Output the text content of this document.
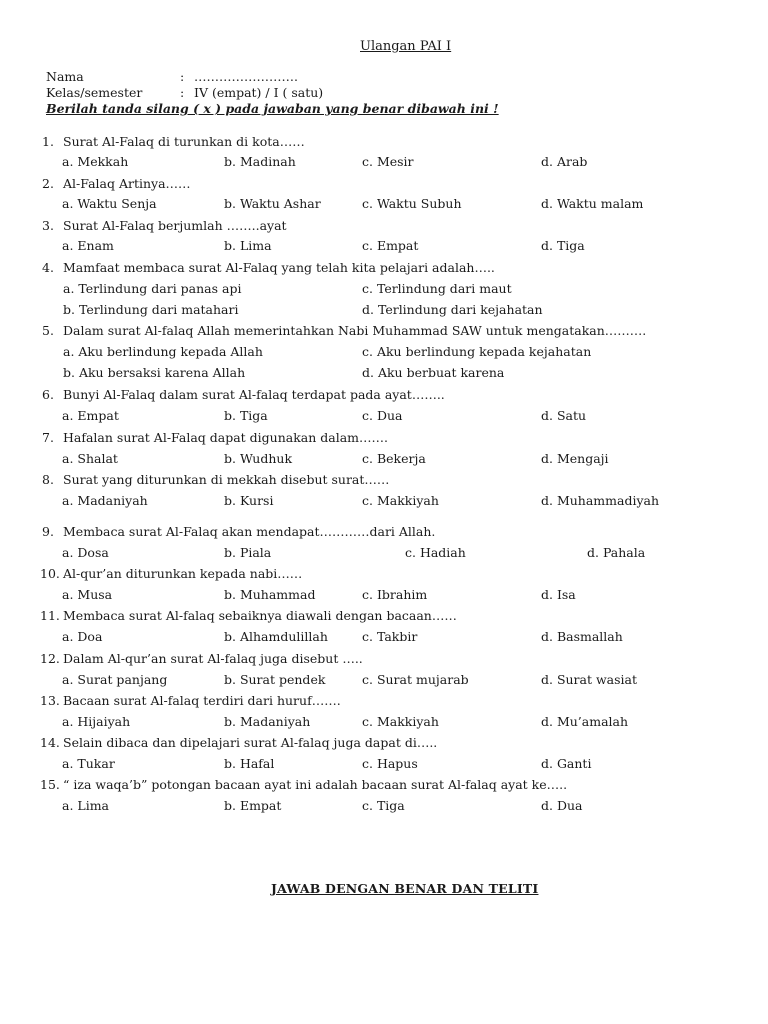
Ulangan PAI I
Nama	: …………………….
Kelas/semester	: IV (empat) / I ( satu)
Berilah tanda silang ( x ) pada jawaban yang benar dibawah ini !
1. Surat Al-Falaq di turunkan di kota……
a. Mekkah	b. Madinah	c. Mesir	d. Arab
2. Al-Falaq Artinya……
a. Waktu Senja	b. Waktu Ashar	c. Waktu Subuh	d. Waktu malam
3. Surat Al-Falaq berjumlah ……..ayat
a. Enam	b. Lima	c. Empat	d. Tiga
4. Mamfaat membaca surat Al-Falaq yang telah kita pelajari adalah…..
a. Terlindung dari panas api	c. Terlindung dari maut
b. Terlindung dari matahari	d. Terlindung dari kejahatan
5. Dalam surat Al-falaq Allah memerintahkan Nabi Muhammad SAW untuk mengatakan……….
a. Aku berlindung kepada Allah	c. Aku berlindung kepada kejahatan
b. Aku bersaksi karena Allah	d. Aku berbuat karena
6. Bunyi Al-Falaq dalam surat Al-falaq terdapat pada ayat……..
a. Empat	b. Tiga	c. Dua	d. Satu
7. Hafalan surat Al-Falaq dapat digunakan dalam…….
a. Shalat	b. Wudhuk	c. Bekerja	d. Mengaji
8. Surat yang diturunkan di mekkah disebut surat……
a. Madaniyah	b. Kursi	c. Makkiyah	d. Muhammadiyah
9. Membaca surat Al-Falaq akan mendapat…………dari Allah.
a. Dosa	b. Piala	c. Hadiah	d. Pahala
10. Al-qur’an diturunkan kepada nabi……
a. Musa	b. Muhammad	c. Ibrahim	d. Isa
11. Membaca surat Al-falaq sebaiknya diawali dengan bacaan……
a. Doa	b. Alhamdulillah	c. Takbir	d. Basmallah
12. Dalam Al-qur’an surat Al-falaq juga disebut …..
a. Surat panjang	b. Surat pendek	c. Surat mujarab	d. Surat wasiat
13. Bacaan surat Al-falaq terdiri dari huruf…….
a. Hijaiyah	b. Madaniyah	c. Makkiyah	d. Mu’amalah
14. Selain dibaca dan dipelajari surat Al-falaq juga dapat di…..
a. Tukar	b. Hafal	c. Hapus	d. Ganti
15. “ iza waqa’b” potongan bacaan ayat ini adalah bacaan surat Al-falaq ayat ke…..
a. Lima	b. Empat	c. Tiga	d. Dua
JAWAB DENGAN BENAR DAN TELITI
